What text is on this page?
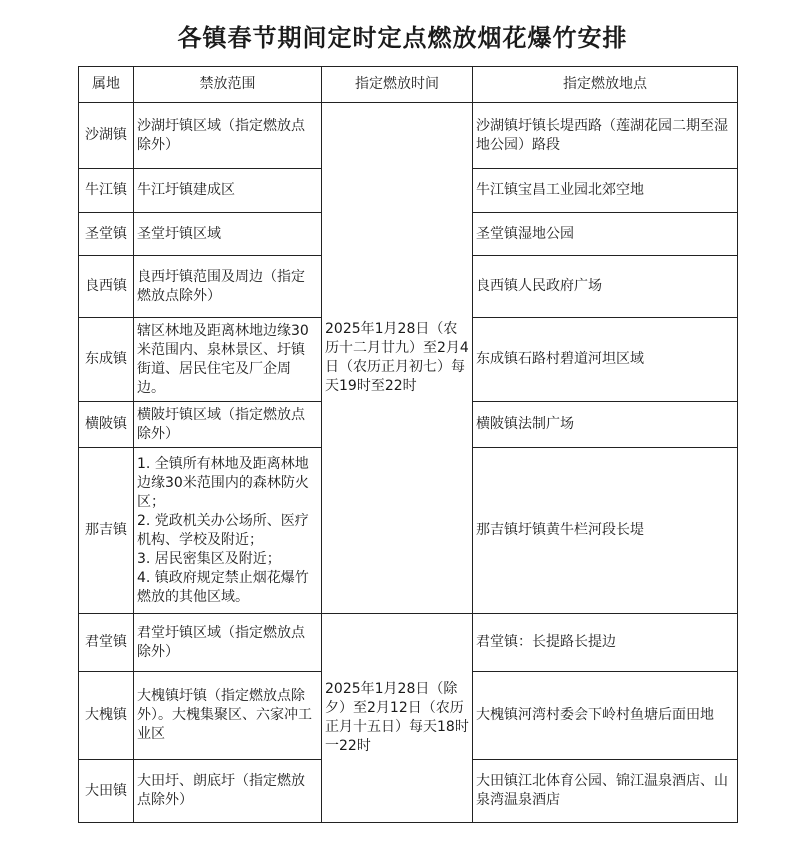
各镇春节期间定时定点燃放烟花爆竹安排
属地	禁放范围	指定燃放时间	指定燃放地点
沙湖镇	沙湖圩镇区域（指定燃放点除外）	2025年1月28日（农历十二月廿九）至2月4日（农历正月初七）每天19时至22时	沙湖镇圩镇长堤西路（莲湖花园二期至湿地公园）路段
牛江镇	牛江圩镇建成区		牛江镇宝昌工业园北郊空地
圣堂镇	圣堂圩镇区域		圣堂镇湿地公园
良西镇	良西圩镇范围及周边（指定燃放点除外）		良西镇人民政府广场
东成镇	辖区林地及距离林地边缘30米范围内、泉林景区、圩镇街道、居民住宅及厂企周边。		东成镇石路村碧道河坦区域
横陂镇	横陂圩镇区域（指定燃放点除外）		横陂镇法制广场
那吉镇	1. 全镇所有林地及距离林地边缘30米范围内的森林防火区；
2. 党政机关办公场所、医疗机构、学校及附近；
3. 居民密集区及附近；
4. 镇政府规定禁止烟花爆竹燃放的其他区域。		那吉镇圩镇黄牛栏河段长堤
君堂镇	君堂圩镇区域（指定燃放点除外）	2025年1月28日（除夕）至2月12日（农历正月十五日）每天18时一22时	君堂镇：长提路长提边
大槐镇	大槐镇圩镇（指定燃放点除外）。大槐集聚区、六家冲工业区		大槐镇河湾村委会下岭村鱼塘后面田地
大田镇	大田圩、朗底圩（指定燃放点除外）		大田镇江北体育公园、锦江温泉酒店、山泉湾温泉酒店
